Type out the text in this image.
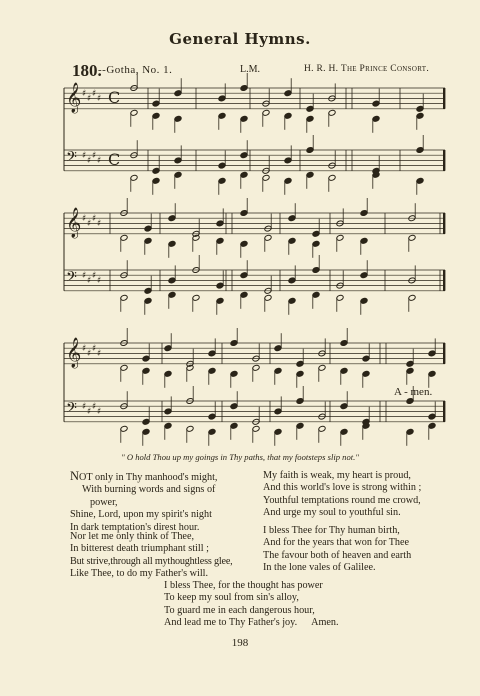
General Hymns.
180.
--Gotha, No. 1.	L.M.	H. R. H. The Prince Consort.
𝄞 ♯ ♯ ♯ ♯ C
𝄢 ♯ ♯ ♯ ♯ C
𝄞 ♯ ♯ ♯ ♯
𝄢 ♯ ♯ ♯ ♯
𝄞 ♯ ♯ ♯ ♯
𝄢 ♯ ♯ ♯ ♯
A - men.
" O hold Thou up my goings in Thy paths, that my footsteps slip not."
NOT only in Thy manhood's might,
With burning words and signs of
power,
Shine, Lord, upon my spirit's night
In dark temptation's direst hour.
Nor let me only think of Thee,
In bitterest death triumphant still ;
But strive,through all mythoughtless glee,
Like Thee, to do my Father's will.
My faith is weak, my heart is proud,
And this world's love is strong within ;
Youthful temptations round me crowd,
And urge my soul to youthful sin.
I bless Thee for Thy human birth,
And for the years that won for Thee
The favour both of heaven and earth
In the lone vales of Galilee.
I bless Thee, for the thought has power
To keep my soul from sin's alloy,
To guard me in each dangerous hour,
And lead me to Thy Father's joy. Amen.
198
